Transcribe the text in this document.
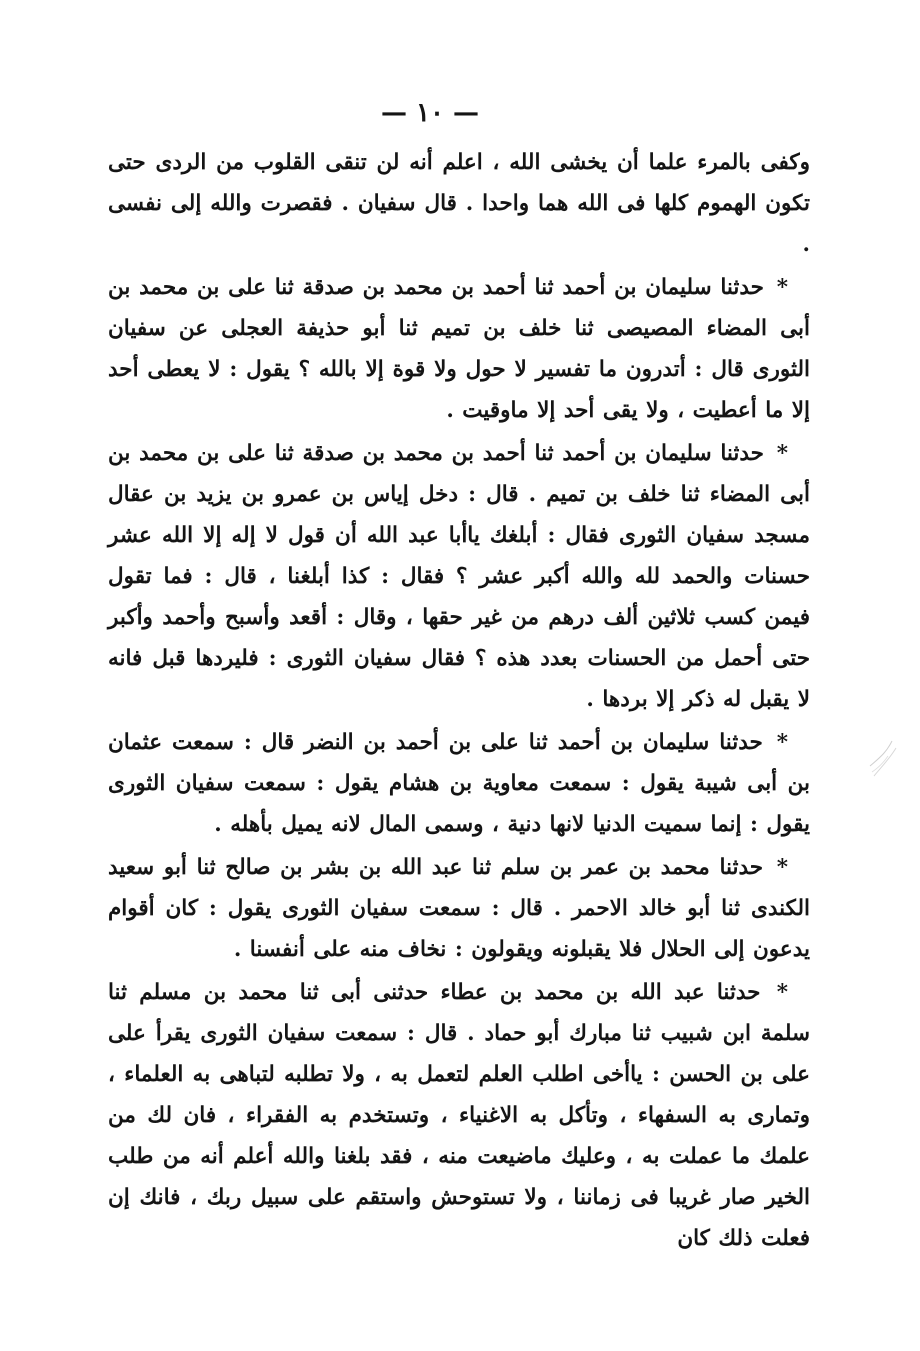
— ١٠ —

وكفى بالمرء علما أن يخشى الله ، اعلم أنه لن تنقى القلوب من الردى حتى تكون الهموم كلها فى الله هما واحدا . قال سفيان . فقصرت والله إلى نفسى .

* حدثنا سليمان بن أحمد ثنا أحمد بن محمد بن صدقة ثنا على بن محمد بن أبى المضاء المصيصى ثنا خلف بن تميم ثنا أبو حذيفة العجلى عن سفيان الثورى قال : أتدرون ما تفسير لا حول ولا قوة إلا بالله ؟ يقول : لا يعطى أحد إلا ما أعطيت ، ولا يقى أحد إلا ماوقيت .

* حدثنا سليمان بن أحمد ثنا أحمد بن محمد بن صدقة ثنا على بن محمد بن أبى المضاء ثنا خلف بن تميم . قال : دخل إياس بن عمرو بن يزيد بن عقال مسجد سفيان الثورى فقال : أبلغك ياأبا عبد الله أن قول لا إله إلا الله عشر حسنات والحمد لله والله أكبر عشر ؟ فقال : كذا أبلغنا ، قال : فما تقول فيمن كسب ثلاثين ألف درهم من غير حقها ، وقال : أقعد وأسبح وأحمد وأكبر حتى أحمل من الحسنات بعدد هذه ؟ فقال سفيان الثورى : فليردها قبل فانه لا يقبل له ذكر إلا بردها .

* حدثنا سليمان بن أحمد ثنا على بن أحمد بن النضر قال : سمعت عثمان بن أبى شيبة يقول : سمعت معاوية بن هشام يقول : سمعت سفيان الثورى يقول : إنما سميت الدنيا لانها دنية ، وسمى المال لانه يميل بأهله .

* حدثنا محمد بن عمر بن سلم ثنا عبد الله بن بشر بن صالح ثنا أبو سعيد الكندى ثنا أبو خالد الاحمر . قال : سمعت سفيان الثورى يقول : كان أقوام يدعون إلى الحلال فلا يقبلونه ويقولون : نخاف منه على أنفسنا .

* حدثنا عبد الله بن محمد بن عطاء حدثنى أبى ثنا محمد بن مسلم ثنا سلمة ابن شبيب ثنا مبارك أبو حماد . قال : سمعت سفيان الثورى يقرأ على على بن الحسن : ياأخى اطلب العلم لتعمل به ، ولا تطلبه لتباهى به العلماء ، وتمارى به السفهاء ، وتأكل به الاغنياء ، وتستخدم به الفقراء ، فان لك من علمك ما عملت به ، وعليك ماضيعت منه ، فقد بلغنا والله أعلم أنه من طلب الخير صار غريبا فى زماننا ، ولا تستوحش واستقم على سبيل ربك ، فانك إن فعلت ذلك كان
